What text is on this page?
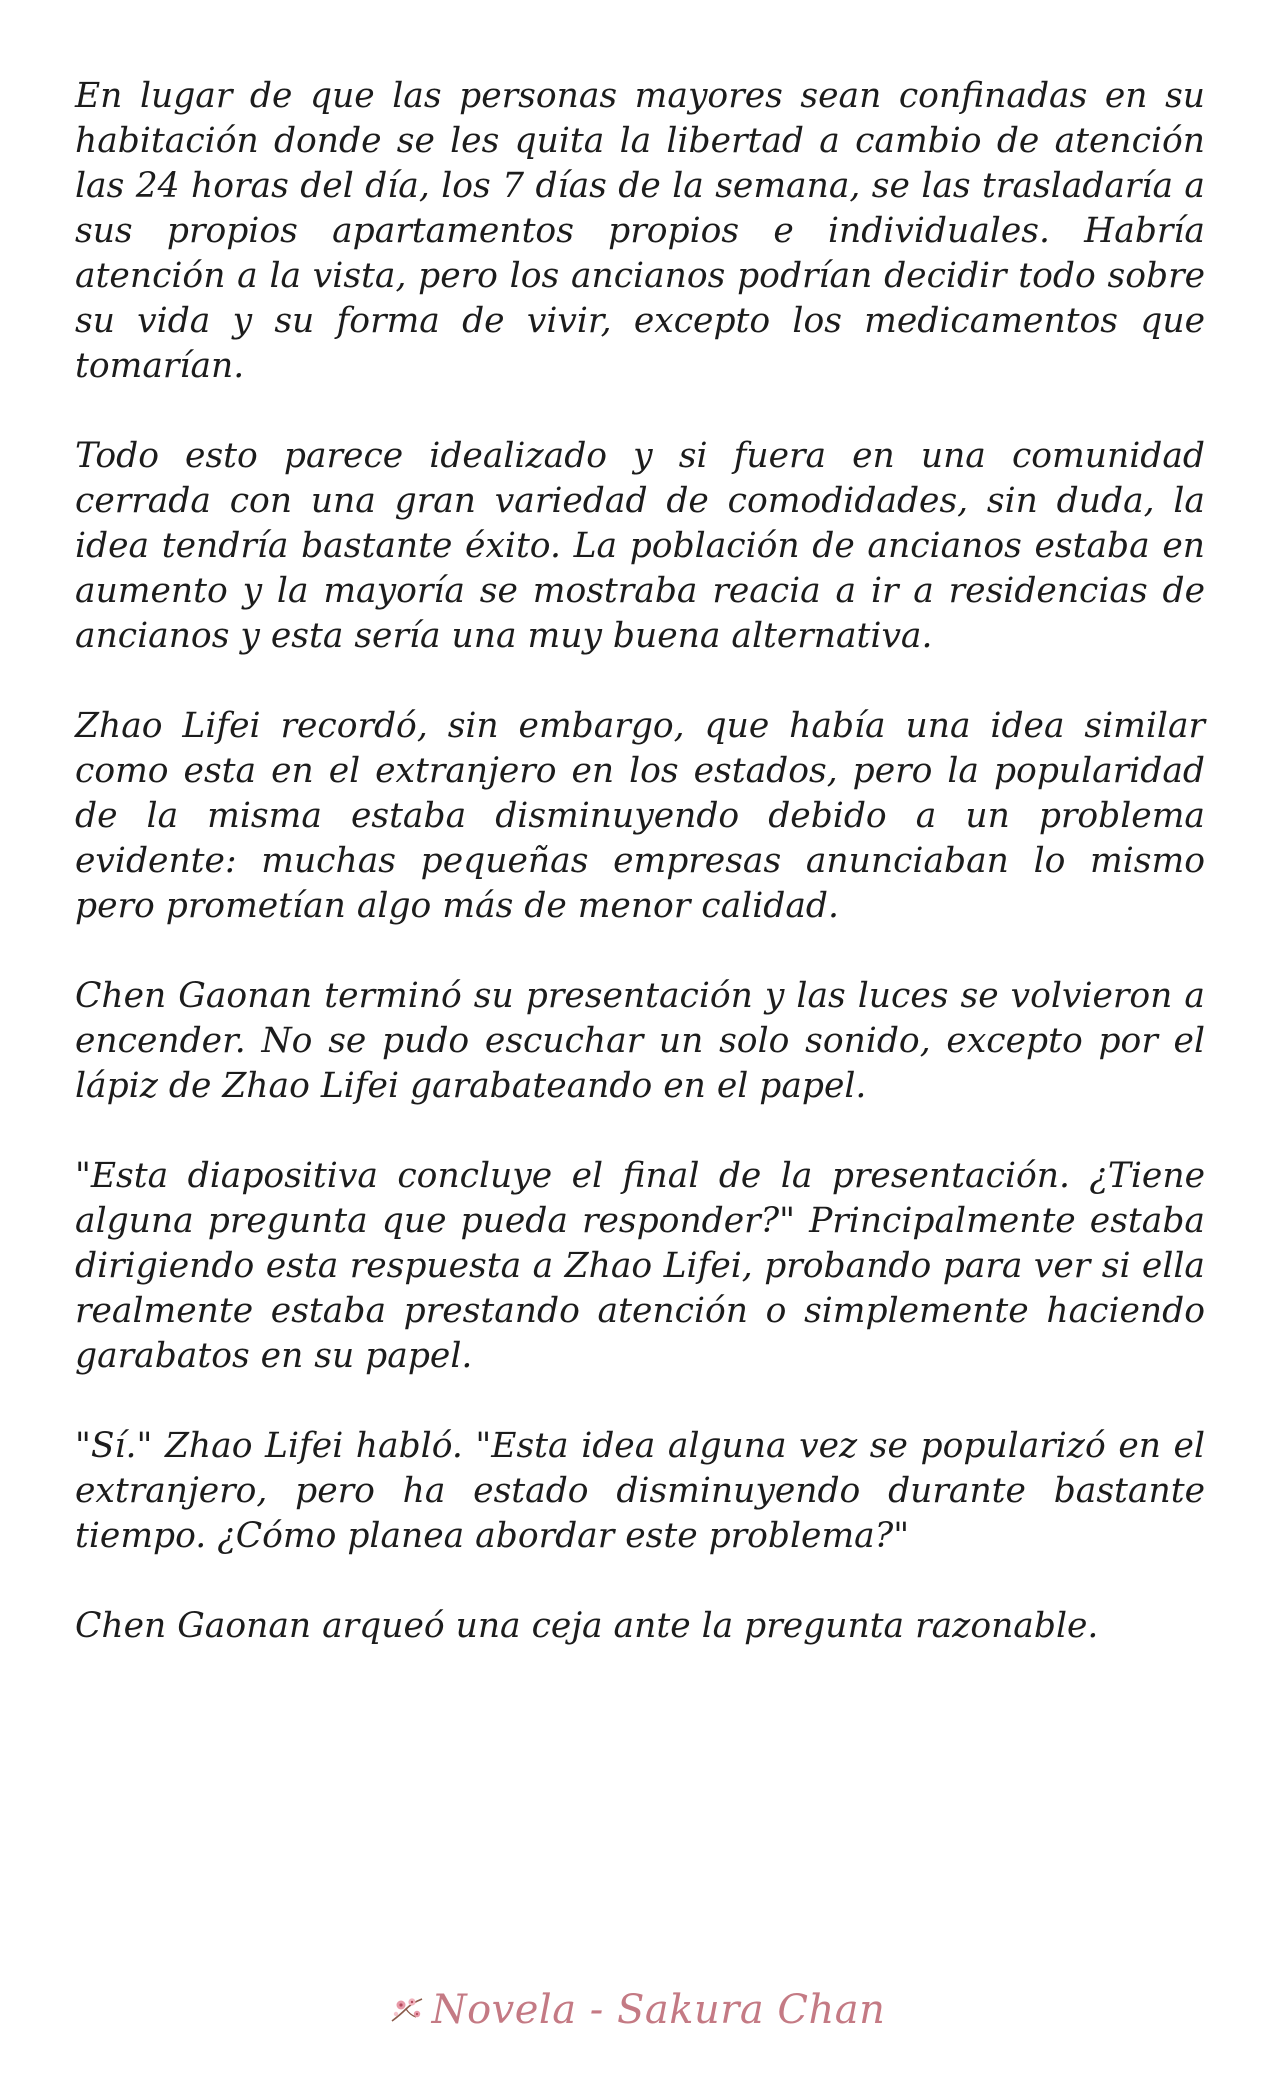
En lugar de que las personas mayores sean confinadas en su habitación donde se les quita la libertad a cambio de atención las 24 horas del día, los 7 días de la semana, se las trasladaría a sus propios apartamentos propios e individuales. Habría atención a la vista, pero los ancianos podrían decidir todo sobre su vida y su forma de vivir, excepto los medicamentos que tomarían.

Todo esto parece idealizado y si fuera en una comunidad cerrada con una gran variedad de comodidades, sin duda, la idea tendría bastante éxito. La población de ancianos estaba en aumento y la mayoría se mostraba reacia a ir a residencias de ancianos y esta sería una muy buena alternativa.

Zhao Lifei recordó, sin embargo, que había una idea similar como esta en el extranjero en los estados, pero la popularidad de la misma estaba disminuyendo debido a un problema evidente: muchas pequeñas empresas anunciaban lo mismo pero prometían algo más de menor calidad.

Chen Gaonan terminó su presentación y las luces se volvieron a encender. No se pudo escuchar un solo sonido, excepto por el lápiz de Zhao Lifei garabateando en el papel.

"Esta diapositiva concluye el final de la presentación. ¿Tiene alguna pregunta que pueda responder?" Principalmente estaba dirigiendo esta respuesta a Zhao Lifei, probando para ver si ella realmente estaba prestando atención o simplemente haciendo garabatos en su papel.

"Sí." Zhao Lifei habló. "Esta idea alguna vez se popularizó en el extranjero, pero ha estado disminuyendo durante bastante tiempo. ¿Cómo planea abordar este problema?"

Chen Gaonan arqueó una ceja ante la pregunta razonable.

Novela - Sakura Chan
